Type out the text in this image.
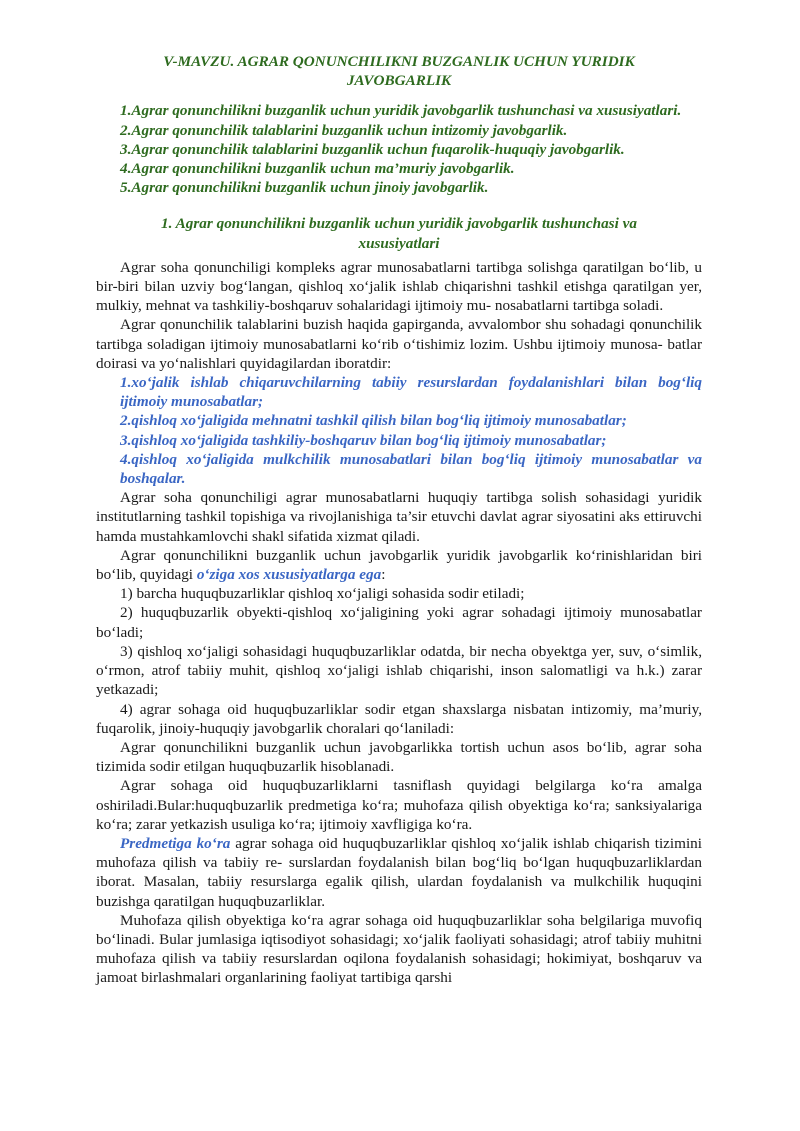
V-MAVZU. AGRAR QONUNCHILIKNI BUZGANLIK UCHUN YURIDIK JAVOBGARLIK
1.Agrar qonunchilikni buzganlik uchun yuridik javobgarlik tushunchasi va xususiyatlari.
2.Agrar qonunchilik talablarini buzganlik uchun intizomiy javobgarlik.
3.Agrar qonunchilik talablarini buzganlik uchun fuqarolik-huquqiy javobgarlik.
4.Agrar qonunchilikni buzganlik uchun ma’muriy javobgarlik.
5.Agrar qonunchilikni buzganlik uchun jinoiy javobgarlik.
1. Agrar qonunchilikni buzganlik uchun yuridik javobgarlik tushunchasi va xususiyatlari

Agrar soha qonunchiligi kompleks agrar munosabatlarni tartibga solishga qaratilgan bo‘lib, u bir-biri bilan uzviy bog‘langan, qishloq xo‘jalik ishlab chiqarishni tashkil etishga qaratilgan yer, mulkiy, mehnat va tashkiliy-boshqaruv sohalaridagi ijtimoiy mu- nosabatlarni tartibga soladi.

Agrar qonunchilik talablarini buzish haqida gapirganda, avvalombor shu sohadagi qonunchilik tartibga soladigan ijtimoiy munosabatlarni ko‘rib o‘tishimiz lozim. Ushbu ijtimoiy munosa- batlar doirasi va yo‘nalishlari quyidagilardan iboratdir:

1.xo‘jalik ishlab chiqaruvchilarning tabiiy resurslardan foydalanishlari bilan bog‘liq ijtimoiy munosabatlar;
2.qishloq xo‘jaligida mehnatni tashkil qilish bilan bog‘liq ijtimoiy munosabatlar;
3.qishloq xo‘jaligida tashkiliy-boshqaruv bilan bog‘liq ijtimoiy munosabatlar;
4.qishloq xo‘jaligida mulkchilik munosabatlari bilan bog‘liq ijtimoiy munosabatlar va boshqalar.

Agrar soha qonunchiligi agrar munosabatlarni huquqiy tartibga solish sohasidagi yuridik institutlarning tashkil topishiga va rivojlanishiga ta’sir etuvchi davlat agrar siyosatini aks ettiruvchi hamda mustahkamlovchi shakl sifatida xizmat qiladi.

Agrar qonunchilikni buzganlik uchun javobgarlik yuridik javobgarlik ko‘rinishlaridan biri bo‘lib, quyidagi o‘ziga xos xususiyatlarga ega:

1) barcha huquqbuzarliklar qishloq xo‘jaligi sohasida sodir etiladi;

2) huquqbuzarlik obyekti-qishloq xo‘jaligining yoki agrar sohadagi ijtimoiy munosabatlar bo‘ladi;

3) qishloq xo‘jaligi sohasidagi huquqbuzarliklar odatda, bir necha obyektga yer, suv, o‘simlik, o‘rmon, atrof tabiiy muhit, qishloq xo‘jaligi ishlab chiqarishi, inson salomatligi va h.k.) zarar yetkazadi;

4) agrar sohaga oid huquqbuzarliklar sodir etgan shaxslarga nisbatan intizomiy, ma’muriy, fuqarolik, jinoiy-huquqiy javobgarlik choralari qo‘laniladi:

Agrar qonunchilikni buzganlik uchun javobgarlikka tortish uchun asos bo‘lib, agrar soha tizimida sodir etilgan huquqbuzarlik hisoblanadi.

Agrar sohaga oid huquqbuzarliklarni tasniflash quyidagi belgilarga ko‘ra amalga oshiriladi.Bular:huquqbuzarlik predmetiga ko‘ra; muhofaza qilish obyektiga ko‘ra; sanksiyalariga ko‘ra; zarar yetkazish usuliga ko‘ra; ijtimoiy xavfligiga ko‘ra.

Predmetiga ko‘ra agrar sohaga oid huquqbuzarliklar qishloq xo‘jalik ishlab chiqarish tizimini muhofaza qilish va tabiiy re- surslardan foydalanish bilan bog‘liq bo‘lgan huquqbuzarliklardan iborat. Masalan, tabiiy resurslarga egalik qilish, ulardan foydalanish va mulkchilik huquqini buzishga qaratilgan huquqbuzarliklar.

Muhofaza qilish obyektiga ko‘ra agrar sohaga oid huquqbuzarliklar soha belgilariga muvofiq bo‘linadi. Bular jumlasiga iqtisodiyot sohasidagi; xo‘jalik faoliyati sohasidagi; atrof tabiiy muhitni muhofaza qilish va tabiiy resurslardan oqilona foydalanish sohasidagi; hokimiyat, boshqaruv va jamoat birlashmalari organlarining faoliyat tartibiga qarshi
